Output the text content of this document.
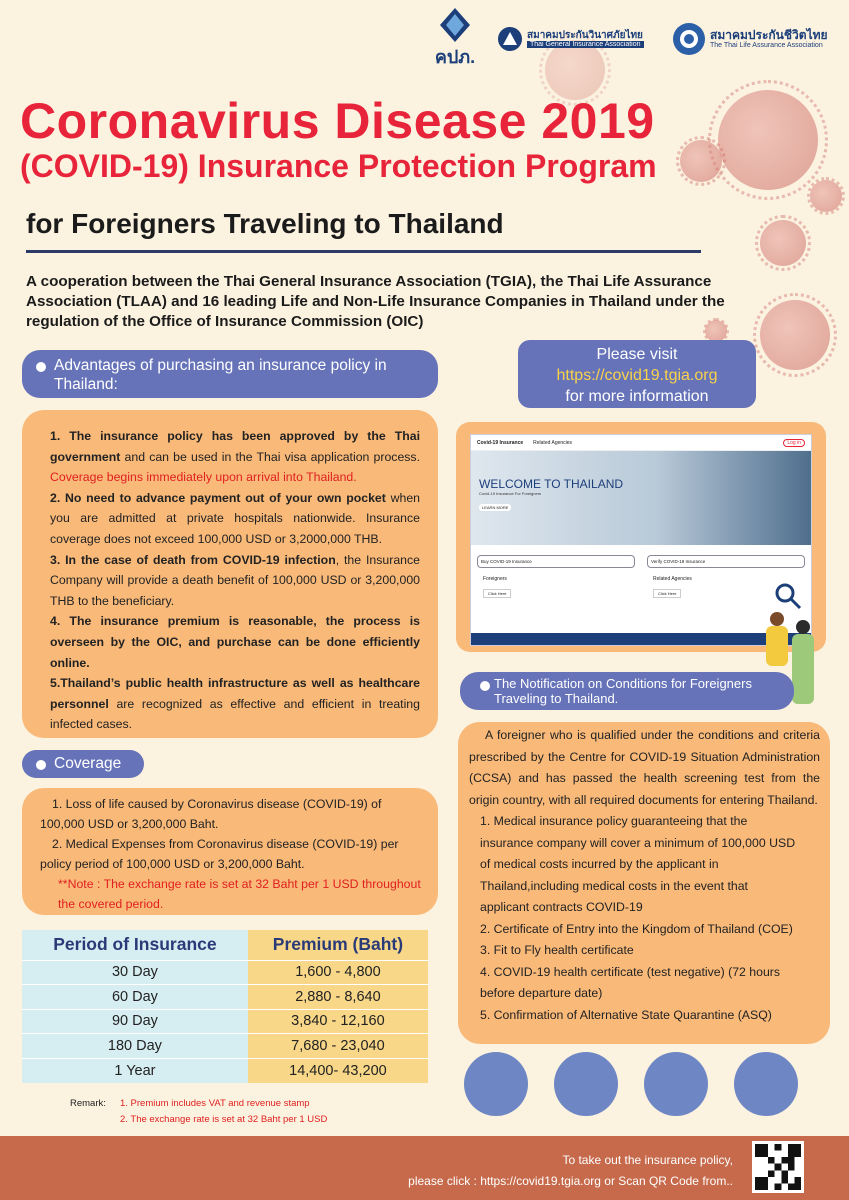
คปภ.
สมาคมประกันวินาศภัยไทย
Thai General Insurance Association
สมาคมประกันชีวิตไทย
The Thai Life Assurance Association
Coronavirus Disease 2019
(COVID-19) Insurance Protection Program
for Foreigners Traveling to Thailand
A cooperation between the Thai General Insurance Association (TGIA), the Thai Life Assurance Association (TLAA) and 16 leading Life and Non-Life Insurance Companies in Thailand under the regulation of the Office of Insurance Commission (OIC)
Advantages of purchasing an insurance policy in Thailand:

1. The insurance policy has been approved by the Thai government and can be used in the Thai visa application process. Coverage begins immediately upon arrival into Thailand.

2. No need to advance payment out of your own pocket when you are admitted at private hospitals nationwide. Insurance coverage does not exceed 100,000 USD or 3,2000,000 THB.

3. In the case of death from COVID-19 infection, the Insurance Company will provide a death benefit of 100,000 USD or 3,200,000 THB to the beneficiary.

4. The insurance premium is reasonable, the process is overseen by the OIC, and purchase can be done efficiently online.

5.Thailand’s public health infrastructure as well as healthcare personnel are recognized as effective and efficient in treating infected cases.

Please visit
https://covid19.tgia.org
for more information
Covid-19 Insurance Related Agencies	Log in
WELCOME TO THAILAND
Covid-19 Insurance For Foreigners
LEARN MORE
Buy COVID-19 Insurance
Foreigners
Click Here
Verify COVID-19 Insurance
Related Agencies
Click Here
The Notification on Conditions for Foreigners Traveling to Thailand.

A foreigner who is qualified under the conditions and criteria prescribed by the Centre for COVID-19 Situation Administration (CCSA) and has passed the health screening test from the origin country, with all required documents for entering Thailand.

1. Medical insurance policy guaranteeing that the insurance company will cover a minimum of 100,000 USD of medical costs incurred by the applicant in Thailand,including medical costs in the event that applicant contracts COVID-19

2. Certificate of Entry into the Kingdom of Thailand (COE)

3. Fit to Fly health certificate

4. COVID-19 health certificate (test negative) (72 hours before departure date)

5. Confirmation of Alternative State Quarantine (ASQ)

Coverage

1. Loss of life caused by Coronavirus disease (COVID-19) of 100,000 USD or 3,200,000 Baht.

2. Medical Expenses from Coronavirus disease (COVID-19) per policy period of 100,000 USD or 3,200,000 Baht.

**Note : The exchange rate is set at 32 Baht per 1 USD throughout the covered period.

Period of Insurance	Premium (Baht)
30 Day	1,600 - 4,800
60 Day	2,880 - 8,640
90 Day	3,840 - 12,160
180 Day	7,680 - 23,040
1 Year	14,400- 43,200
Remark: 1. Premium includes VAT and revenue stamp
2. The exchange rate is set at 32 Baht per 1 USD
To take out the insurance policy,
please click : https://covid19.tgia.org or Scan QR Code from..
